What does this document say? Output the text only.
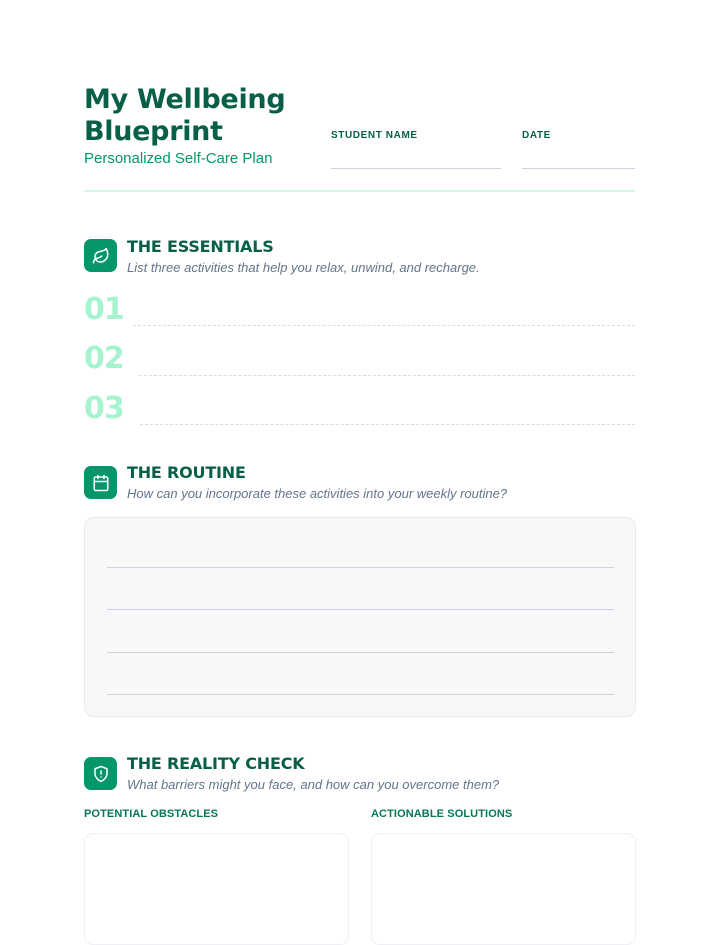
My Wellbeing Blueprint

Personalized Self-Care Plan

STUDENT NAME	DATE
THE ESSENTIALS

List three activities that help you relax, unwind, and recharge.

01
02
03
THE ROUTINE

How can you incorporate these activities into your weekly routine?

THE REALITY CHECK

What barriers might you face, and how can you overcome them?

POTENTIAL OBSTACLES	ACTIONABLE SOLUTIONS
